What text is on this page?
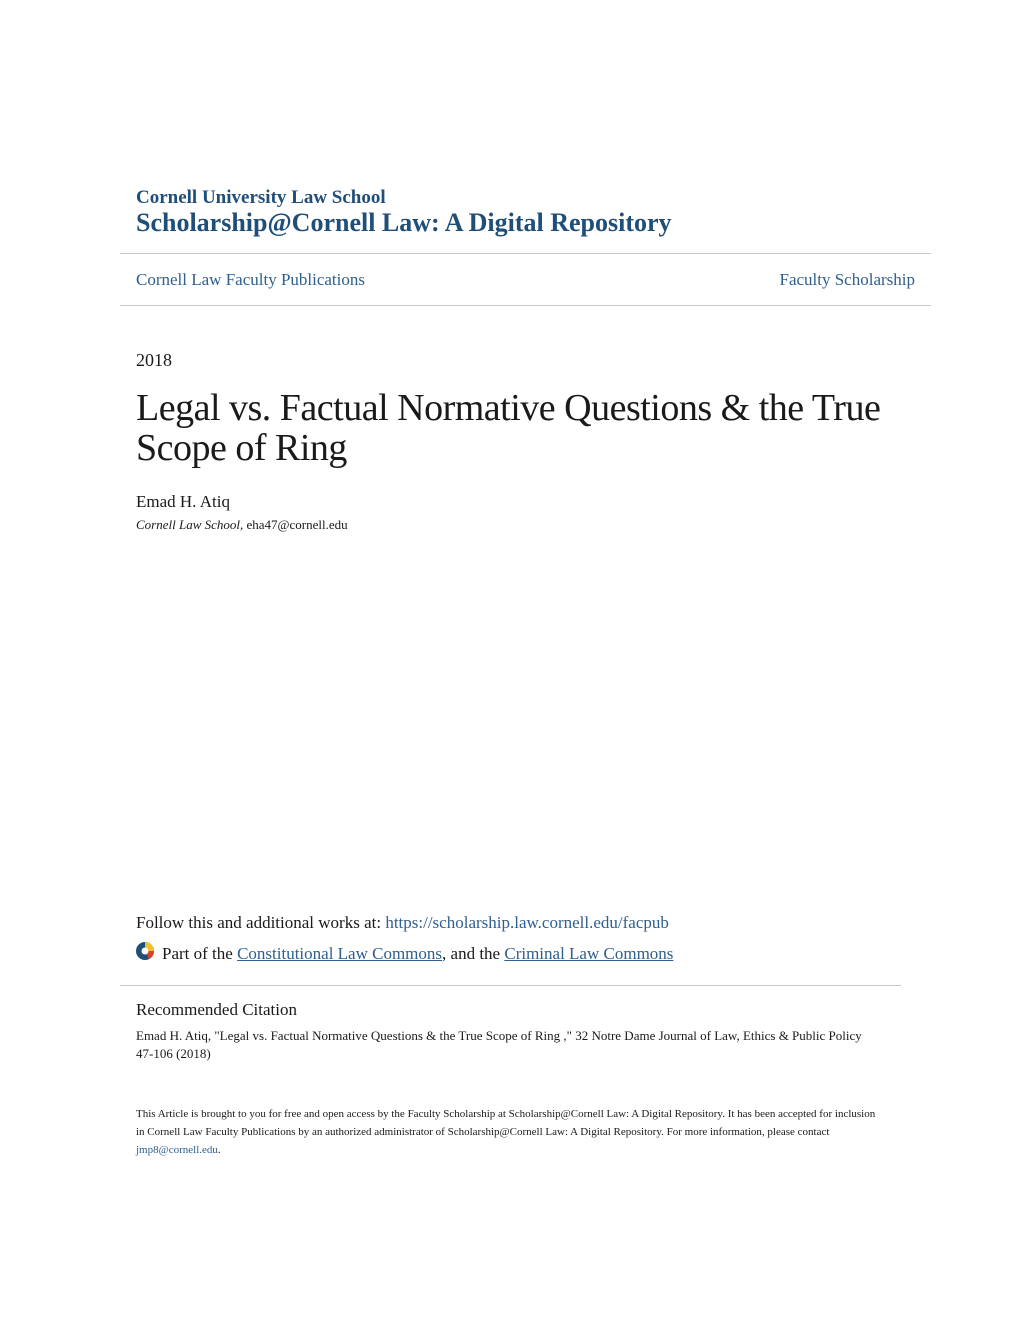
Cornell University Law School
Scholarship@Cornell Law: A Digital Repository
Cornell Law Faculty Publications	Faculty Scholarship
2018
Legal vs. Factual Normative Questions & the True Scope of Ring
Emad H. Atiq
Cornell Law School, eha47@cornell.edu
Follow this and additional works at: https://scholarship.law.cornell.edu/facpub
Part of the Constitutional Law Commons, and the Criminal Law Commons
Recommended Citation
Emad H. Atiq, "Legal vs. Factual Normative Questions & the True Scope of Ring ," 32 Notre Dame Journal of Law, Ethics & Public Policy 47-106 (2018)
This Article is brought to you for free and open access by the Faculty Scholarship at Scholarship@Cornell Law: A Digital Repository. It has been accepted for inclusion in Cornell Law Faculty Publications by an authorized administrator of Scholarship@Cornell Law: A Digital Repository. For more information, please contact jmp8@cornell.edu.
